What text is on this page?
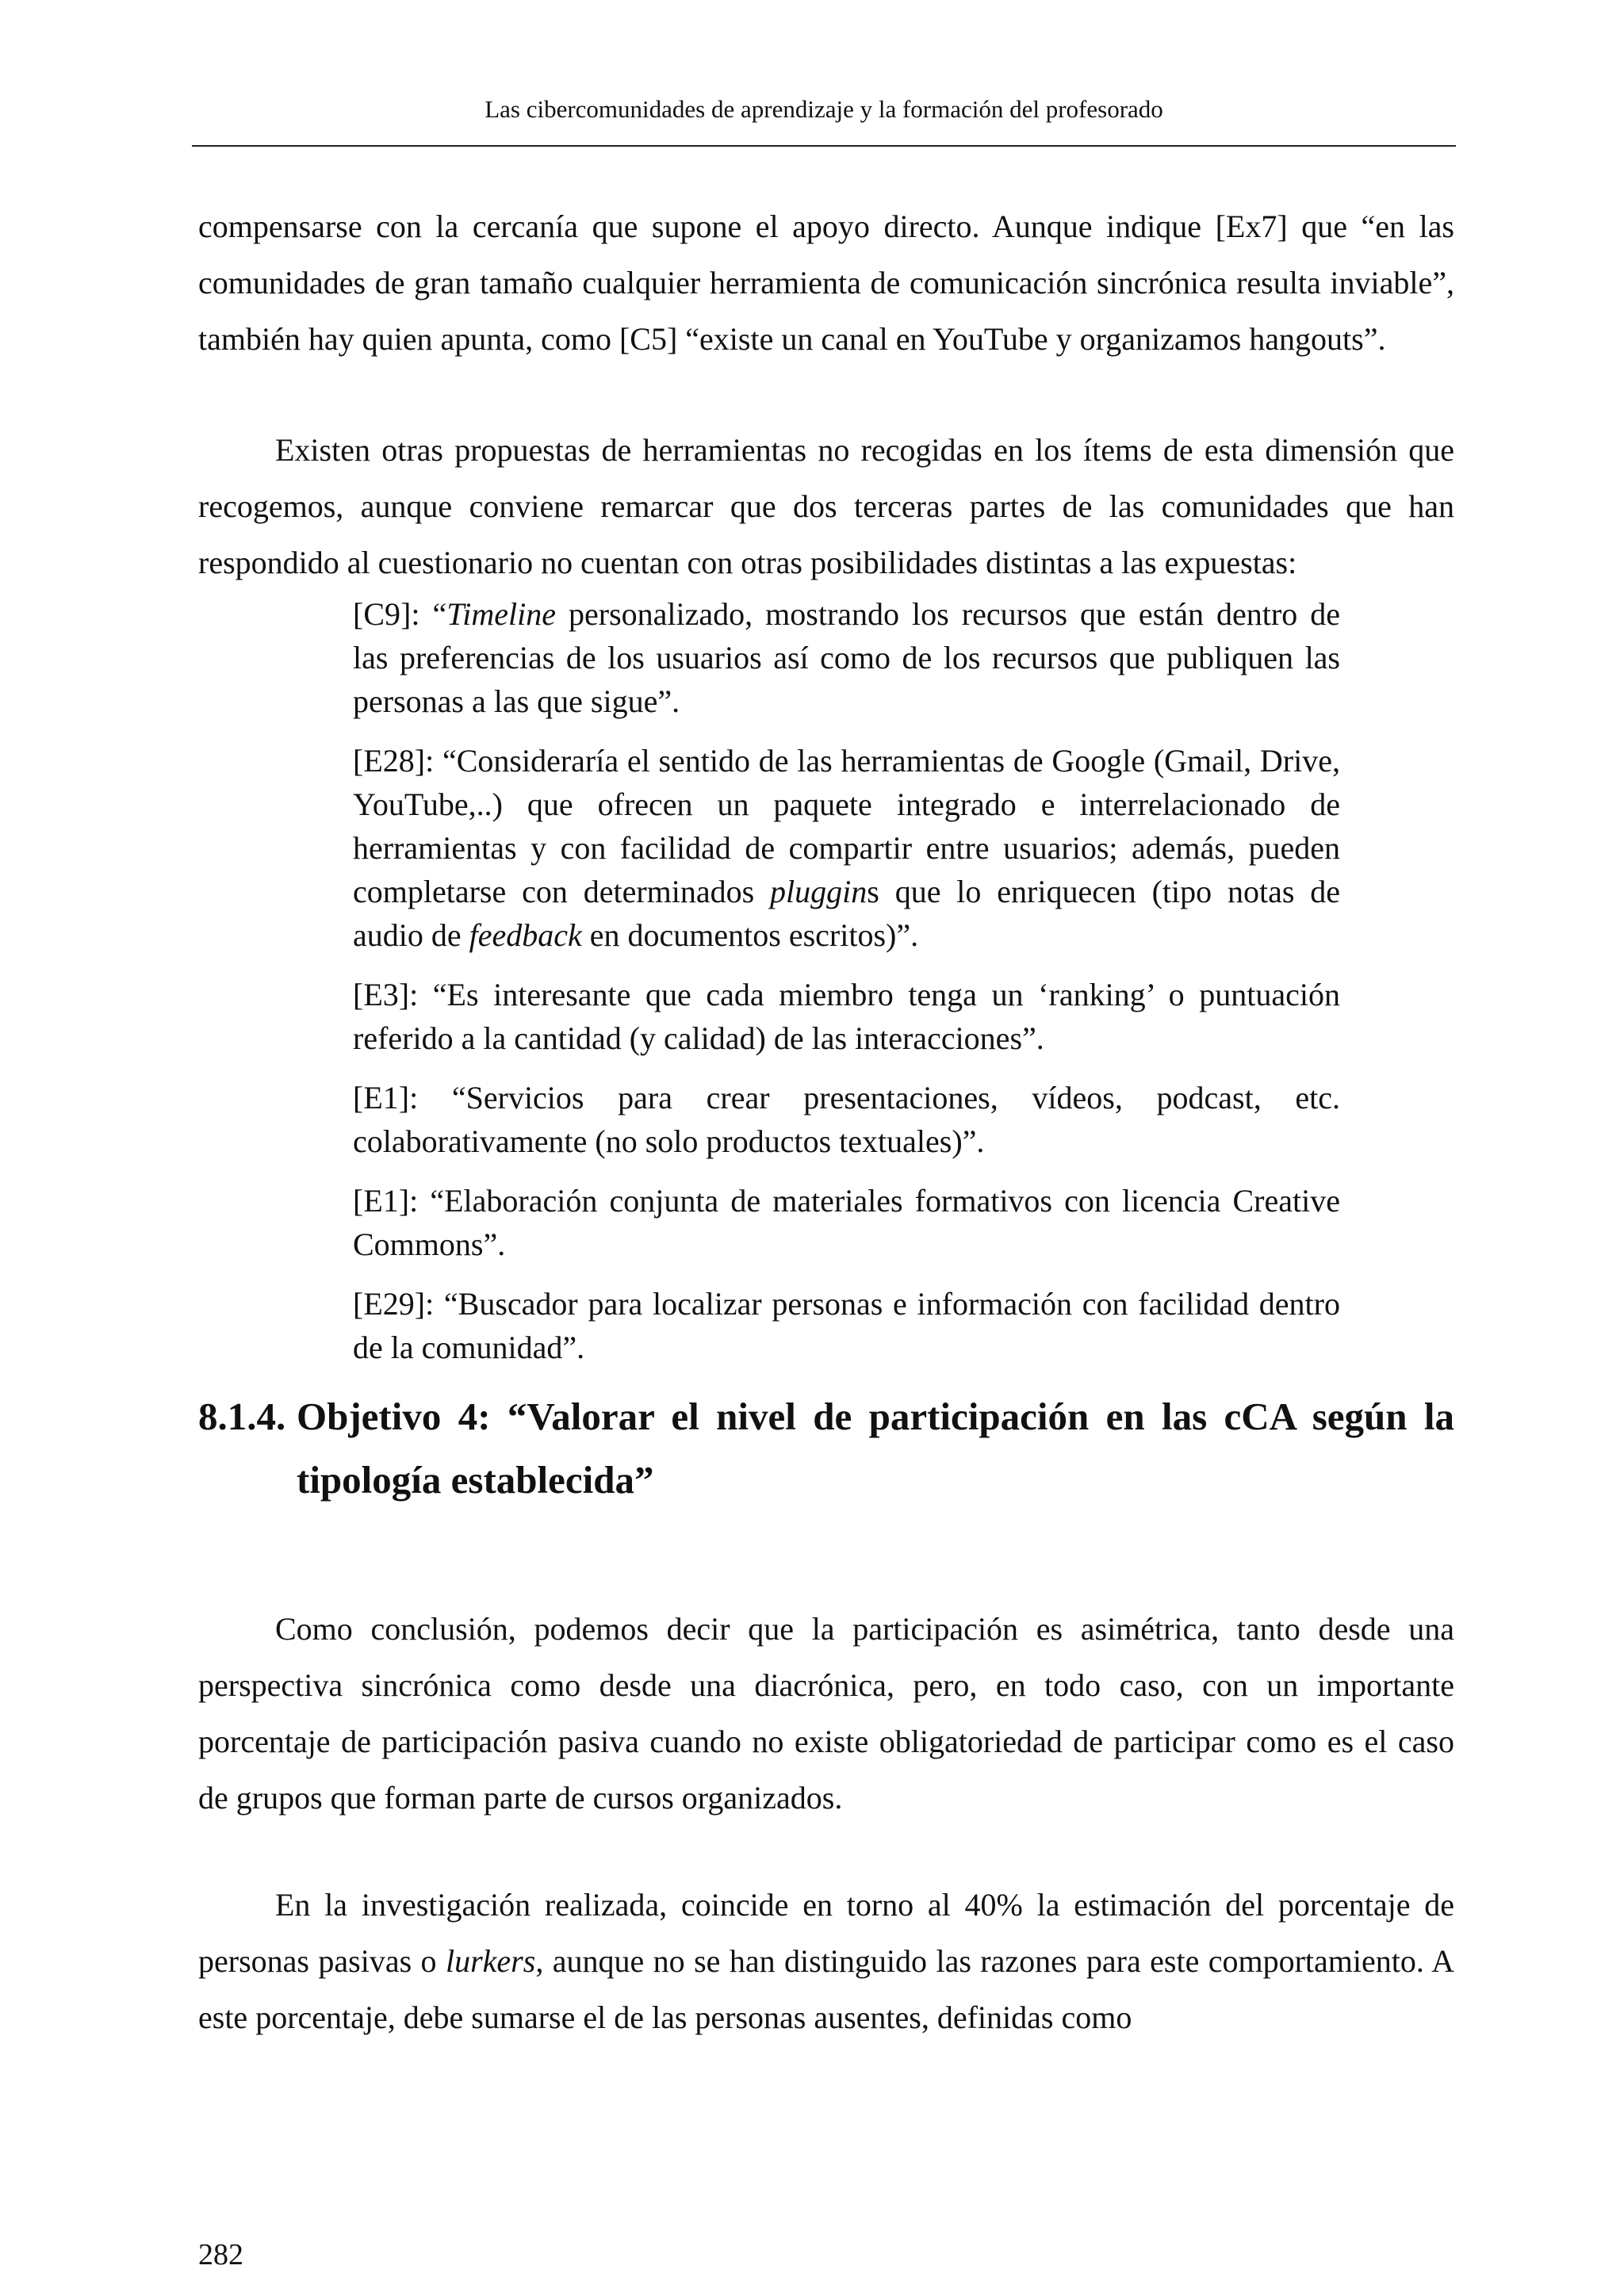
Las cibercomunidades de aprendizaje y la formación del profesorado

compensarse con la cercanía que supone el apoyo directo. Aunque indique [Ex7] que “en las comunidades de gran tamaño cualquier herramienta de comunicación sincrónica resulta inviable”, también hay quien apunta, como [C5] “existe un canal en YouTube y organizamos hangouts”.

Existen otras propuestas de herramientas no recogidas en los ítems de esta dimensión que recogemos, aunque conviene remarcar que dos terceras partes de las comunidades que han respondido al cuestionario no cuentan con otras posibilidades distintas a las expuestas:

[C9]: “Timeline personalizado, mostrando los recursos que están dentro de las preferencias de los usuarios así como de los recursos que publiquen las personas a las que sigue”.

[E28]: “Consideraría el sentido de las herramientas de Google (Gmail, Drive, YouTube,..) que ofrecen un paquete integrado e interrelacionado de herramientas y con facilidad de compartir entre usuarios; además, pueden completarse con determinados pluggins que lo enriquecen (tipo notas de audio de feedback en documentos escritos)”.

[E3]: “Es interesante que cada miembro tenga un ‘ranking’ o puntuación referido a la cantidad (y calidad) de las interacciones”.

[E1]: “Servicios para crear presentaciones, vídeos, podcast, etc. colaborativamente (no solo productos textuales)”.

[E1]: “Elaboración conjunta de materiales formativos con licencia Creative Commons”.

[E29]: “Buscador para localizar personas e información con facilidad dentro de la comunidad”.

8.1.4. Objetivo 4: “Valorar el nivel de participación en las cCA según la tipología establecida”

Como conclusión, podemos decir que la participación es asimétrica, tanto desde una perspectiva sincrónica como desde una diacrónica, pero, en todo caso, con un importante porcentaje de participación pasiva cuando no existe obligatoriedad de participar como es el caso de grupos que forman parte de cursos organizados.

En la investigación realizada, coincide en torno al 40% la estimación del porcentaje de personas pasivas o lurkers, aunque no se han distinguido las razones para este comportamiento. A este porcentaje, debe sumarse el de las personas ausentes, definidas como

282
